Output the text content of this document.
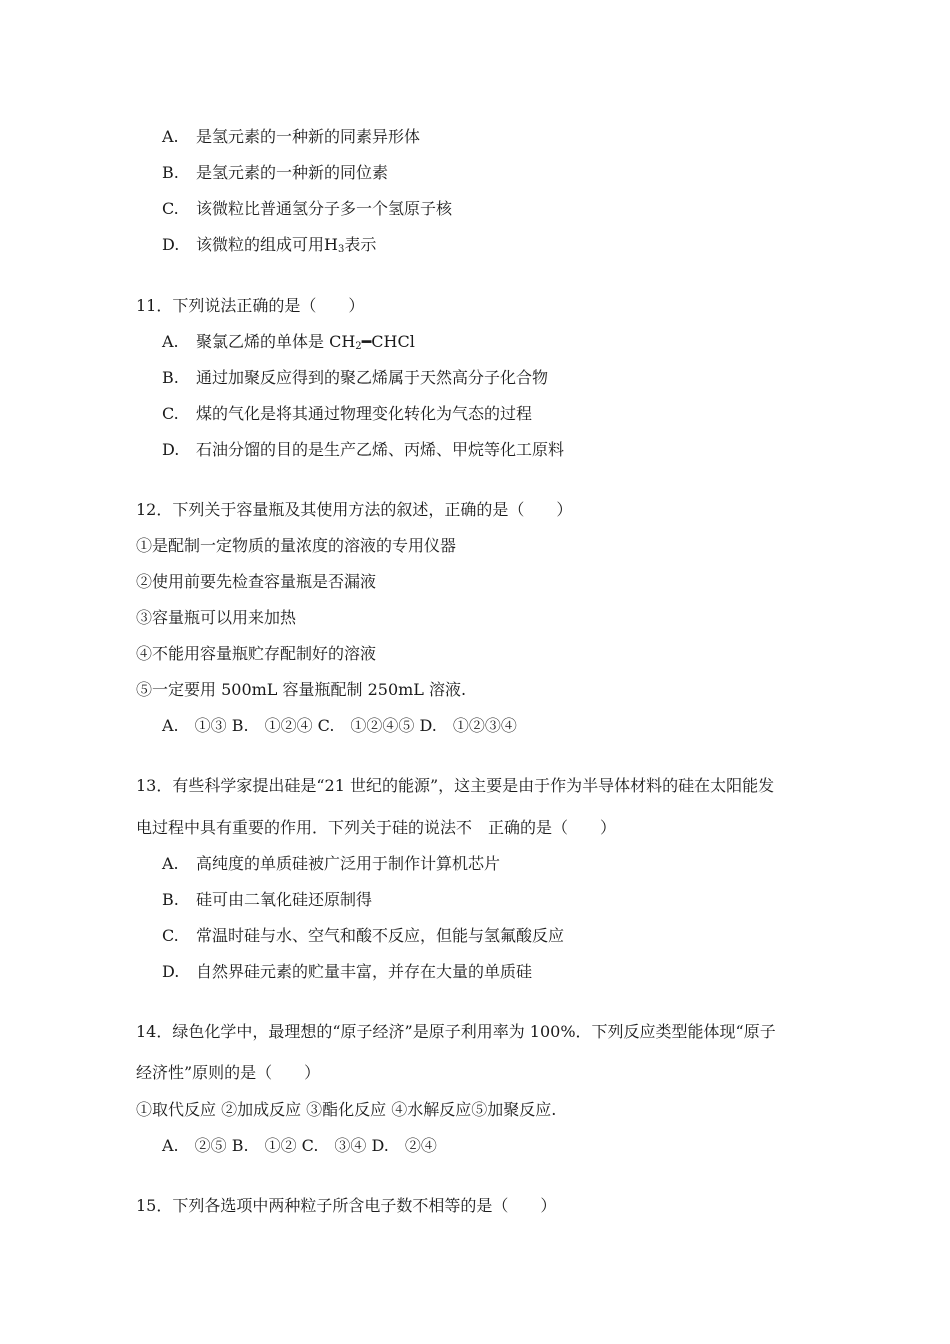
A. 是氢元素的一种新的同素异形体
B. 是氢元素的一种新的同位素
C. 该微粒比普通氢分子多一个氢原子核
D. 该微粒的组成可用$H_3$表示
11．下列说法正确的是（　　）
A. 聚氯乙烯的单体是 $CH_2━CHCl$
B. 通过加聚反应得到的聚乙烯属于天然高分子化合物
C. 煤的气化是将其通过物理变化转化为气态的过程
D. 石油分馏的目的是生产乙烯、丙烯、甲烷等化工原料
12．下列关于容量瓶及其使用方法的叙述，正确的是（　　）
①是配制一定物质的量浓度的溶液的专用仪器
②使用前要先检查容量瓶是否漏液
③容量瓶可以用来加热
④不能用容量瓶贮存配制好的溶液
⑤一定要用 500mL 容量瓶配制 250mL 溶液.
A.　①③ B.　①②④ C.　①②④⑤ D.　①②③④
13．有些科学家提出硅是“21 世纪的能源”，这主要是由于作为半导体材料的硅在太阳能发
电过程中具有重要的作用．下列关于硅的说法不　正确的是（　　）
A. 高纯度的单质硅被广泛用于制作计算机芯片
B. 硅可由二氧化硅还原制得
C. 常温时硅与水、空气和酸不反应，但能与氢氟酸反应
D. 自然界硅元素的贮量丰富，并存在大量的单质硅
14．绿色化学中，最理想的“原子经济”是原子利用率为 100%．下列反应类型能体现“原子
经济性”原则的是（　　）
①取代反应 ②加成反应 ③酯化反应 ④水解反应⑤加聚反应.
A.　②⑤ B.　①② C.　③④ D.　②④
15．下列各选项中两种粒子所含电子数不相等的是（　　）
